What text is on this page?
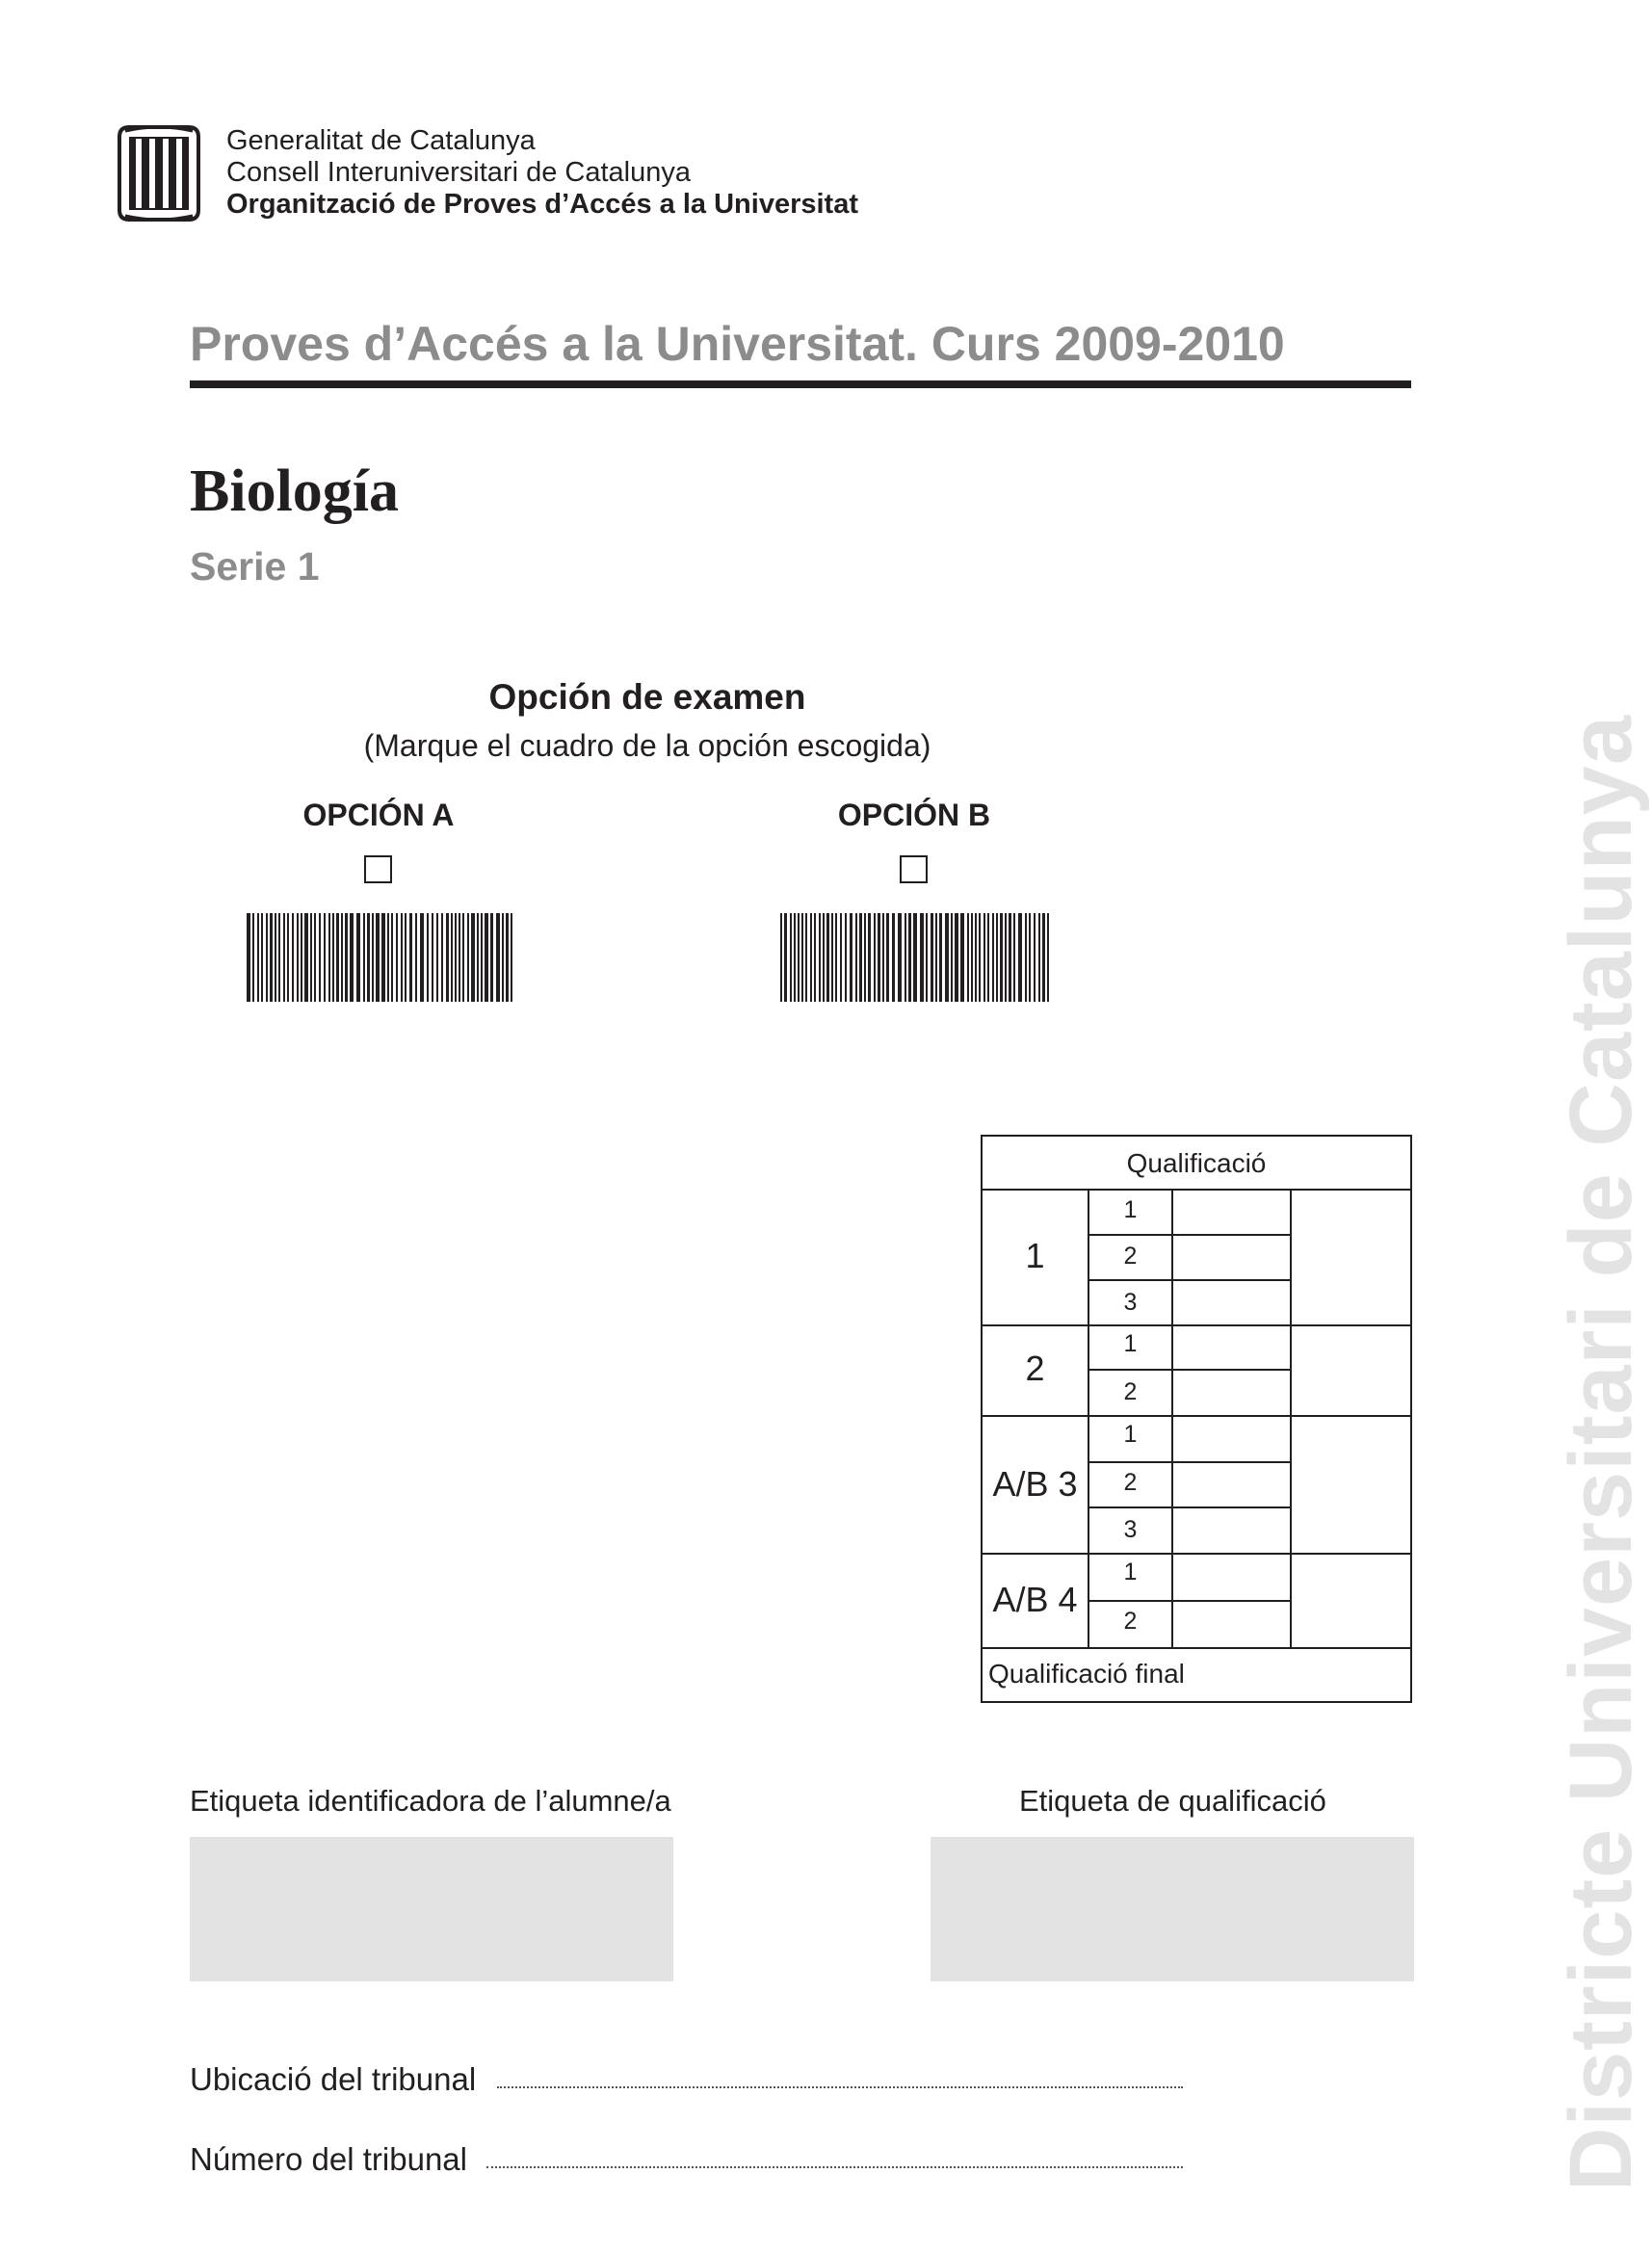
Generalitat de Catalunya
Consell Interuniversitari de Catalunya
Organització de Proves d’Accés a la Universitat
Proves d’Accés a la Universitat. Curs 2009-2010
Biología
Serie 1
Districte Universitari de Catalunya
Opción de examen
(Marque el cuadro de la opción escogida)
OPCIÓN A	OPCIÓN B
Qualificació
1
2
A/B 3
A/B 4
1
2
3
1
2
1
2
3
1
2
Qualificació final
Etiqueta identificadora de l’alumne/a	Etiqueta de qualificació
Ubicació del tribunal
Número del tribunal
